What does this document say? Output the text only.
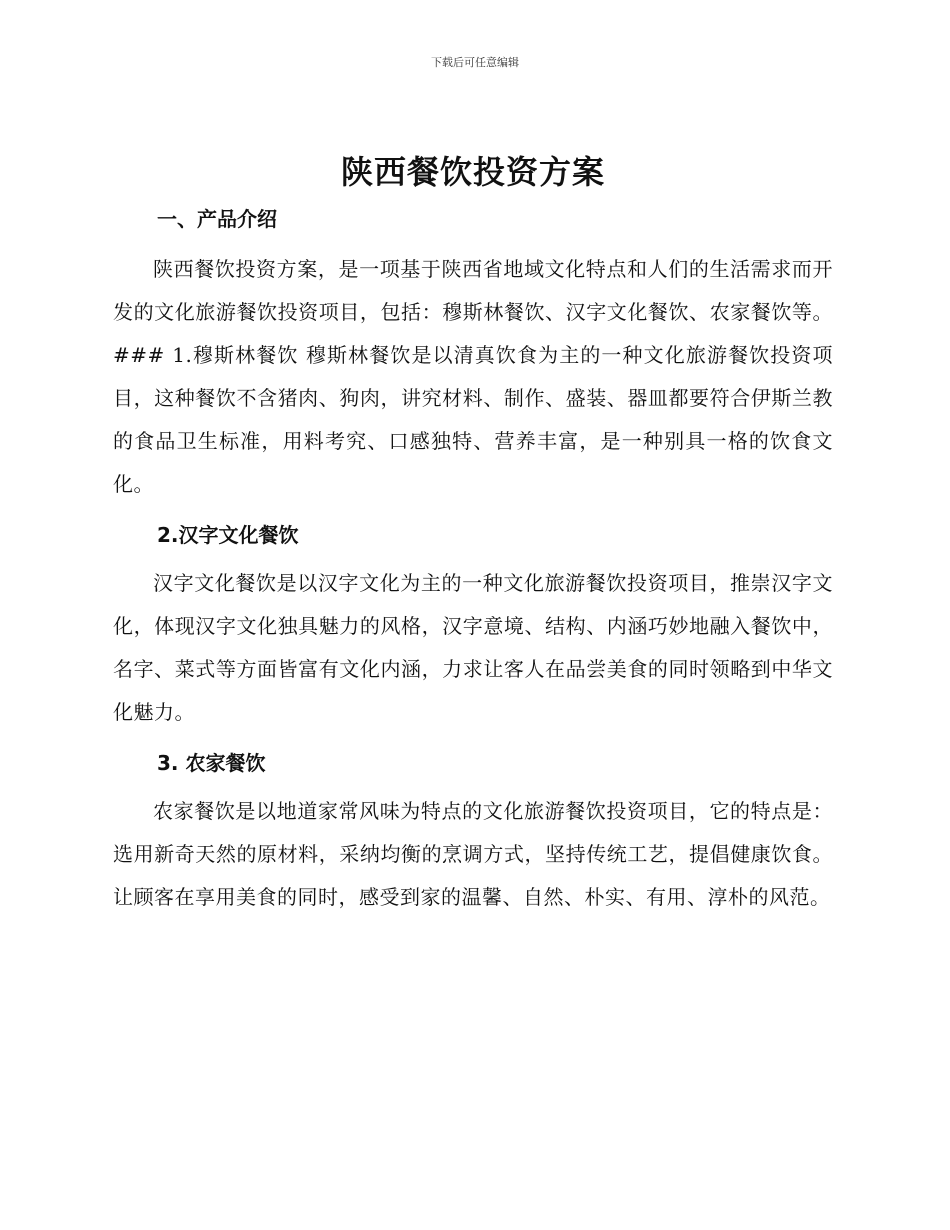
下载后可任意编辑
陕西餐饮投资方案
一、产品介绍

陕西餐饮投资方案，是一项基于陕西省地域文化特点和人们的生活需求而开发的文化旅游餐饮投资项目，包括：穆斯林餐饮、汉字文化餐饮、农家餐饮等。 ### 1.穆斯林餐饮 穆斯林餐饮是以清真饮食为主的一种文化旅游餐饮投资项目，这种餐饮不含猪肉、狗肉，讲究材料、制作、盛装、器皿都要符合伊斯兰教的食品卫生标准，用料考究、口感独特、营养丰富，是一种别具一格的饮食文化。

2.汉字文化餐饮

汉字文化餐饮是以汉字文化为主的一种文化旅游餐饮投资项目，推崇汉字文化，体现汉字文化独具魅力的风格，汉字意境、结构、内涵巧妙地融入餐饮中，名字、菜式等方面皆富有文化内涵，力求让客人在品尝美食的同时领略到中华文化魅力。

3. 农家餐饮

农家餐饮是以地道家常风味为特点的文化旅游餐饮投资项目，它的特点是：选用新奇天然的原材料，采纳均衡的烹调方式，坚持传统工艺，提倡健康饮食。让顾客在享用美食的同时，感受到家的温馨、自然、朴实、有用、淳朴的风范。
